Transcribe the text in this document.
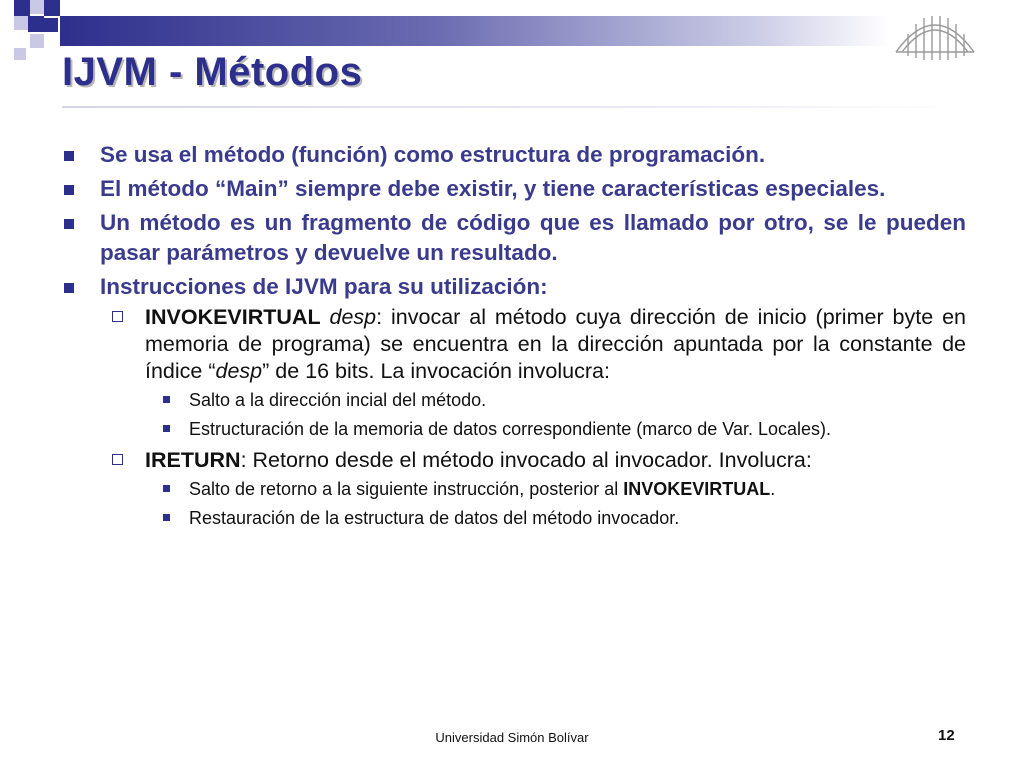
IJVM - Métodos
Se usa el método (función) como estructura de programación.
El método “Main” siempre debe existir, y tiene características especiales.
Un método es un fragmento de código que es llamado por otro, se le pueden pasar parámetros y devuelve un resultado.
Instrucciones de IJVM para su utilización:
INVOKEVIRTUAL desp: invocar al método cuya dirección de inicio (primer byte en memoria de programa) se encuentra en la dirección apuntada por la constante de índice “desp” de 16 bits. La invocación involucra:
Salto a la dirección incial del método.
Estructuración de la memoria de datos correspondiente (marco de Var. Locales).
IRETURN: Retorno desde el método invocado al invocador. Involucra:
Salto de retorno a la siguiente instrucción, posterior al INVOKEVIRTUAL.
Restauración de la estructura de datos del método invocador.
Universidad Simón Bolívar	12
